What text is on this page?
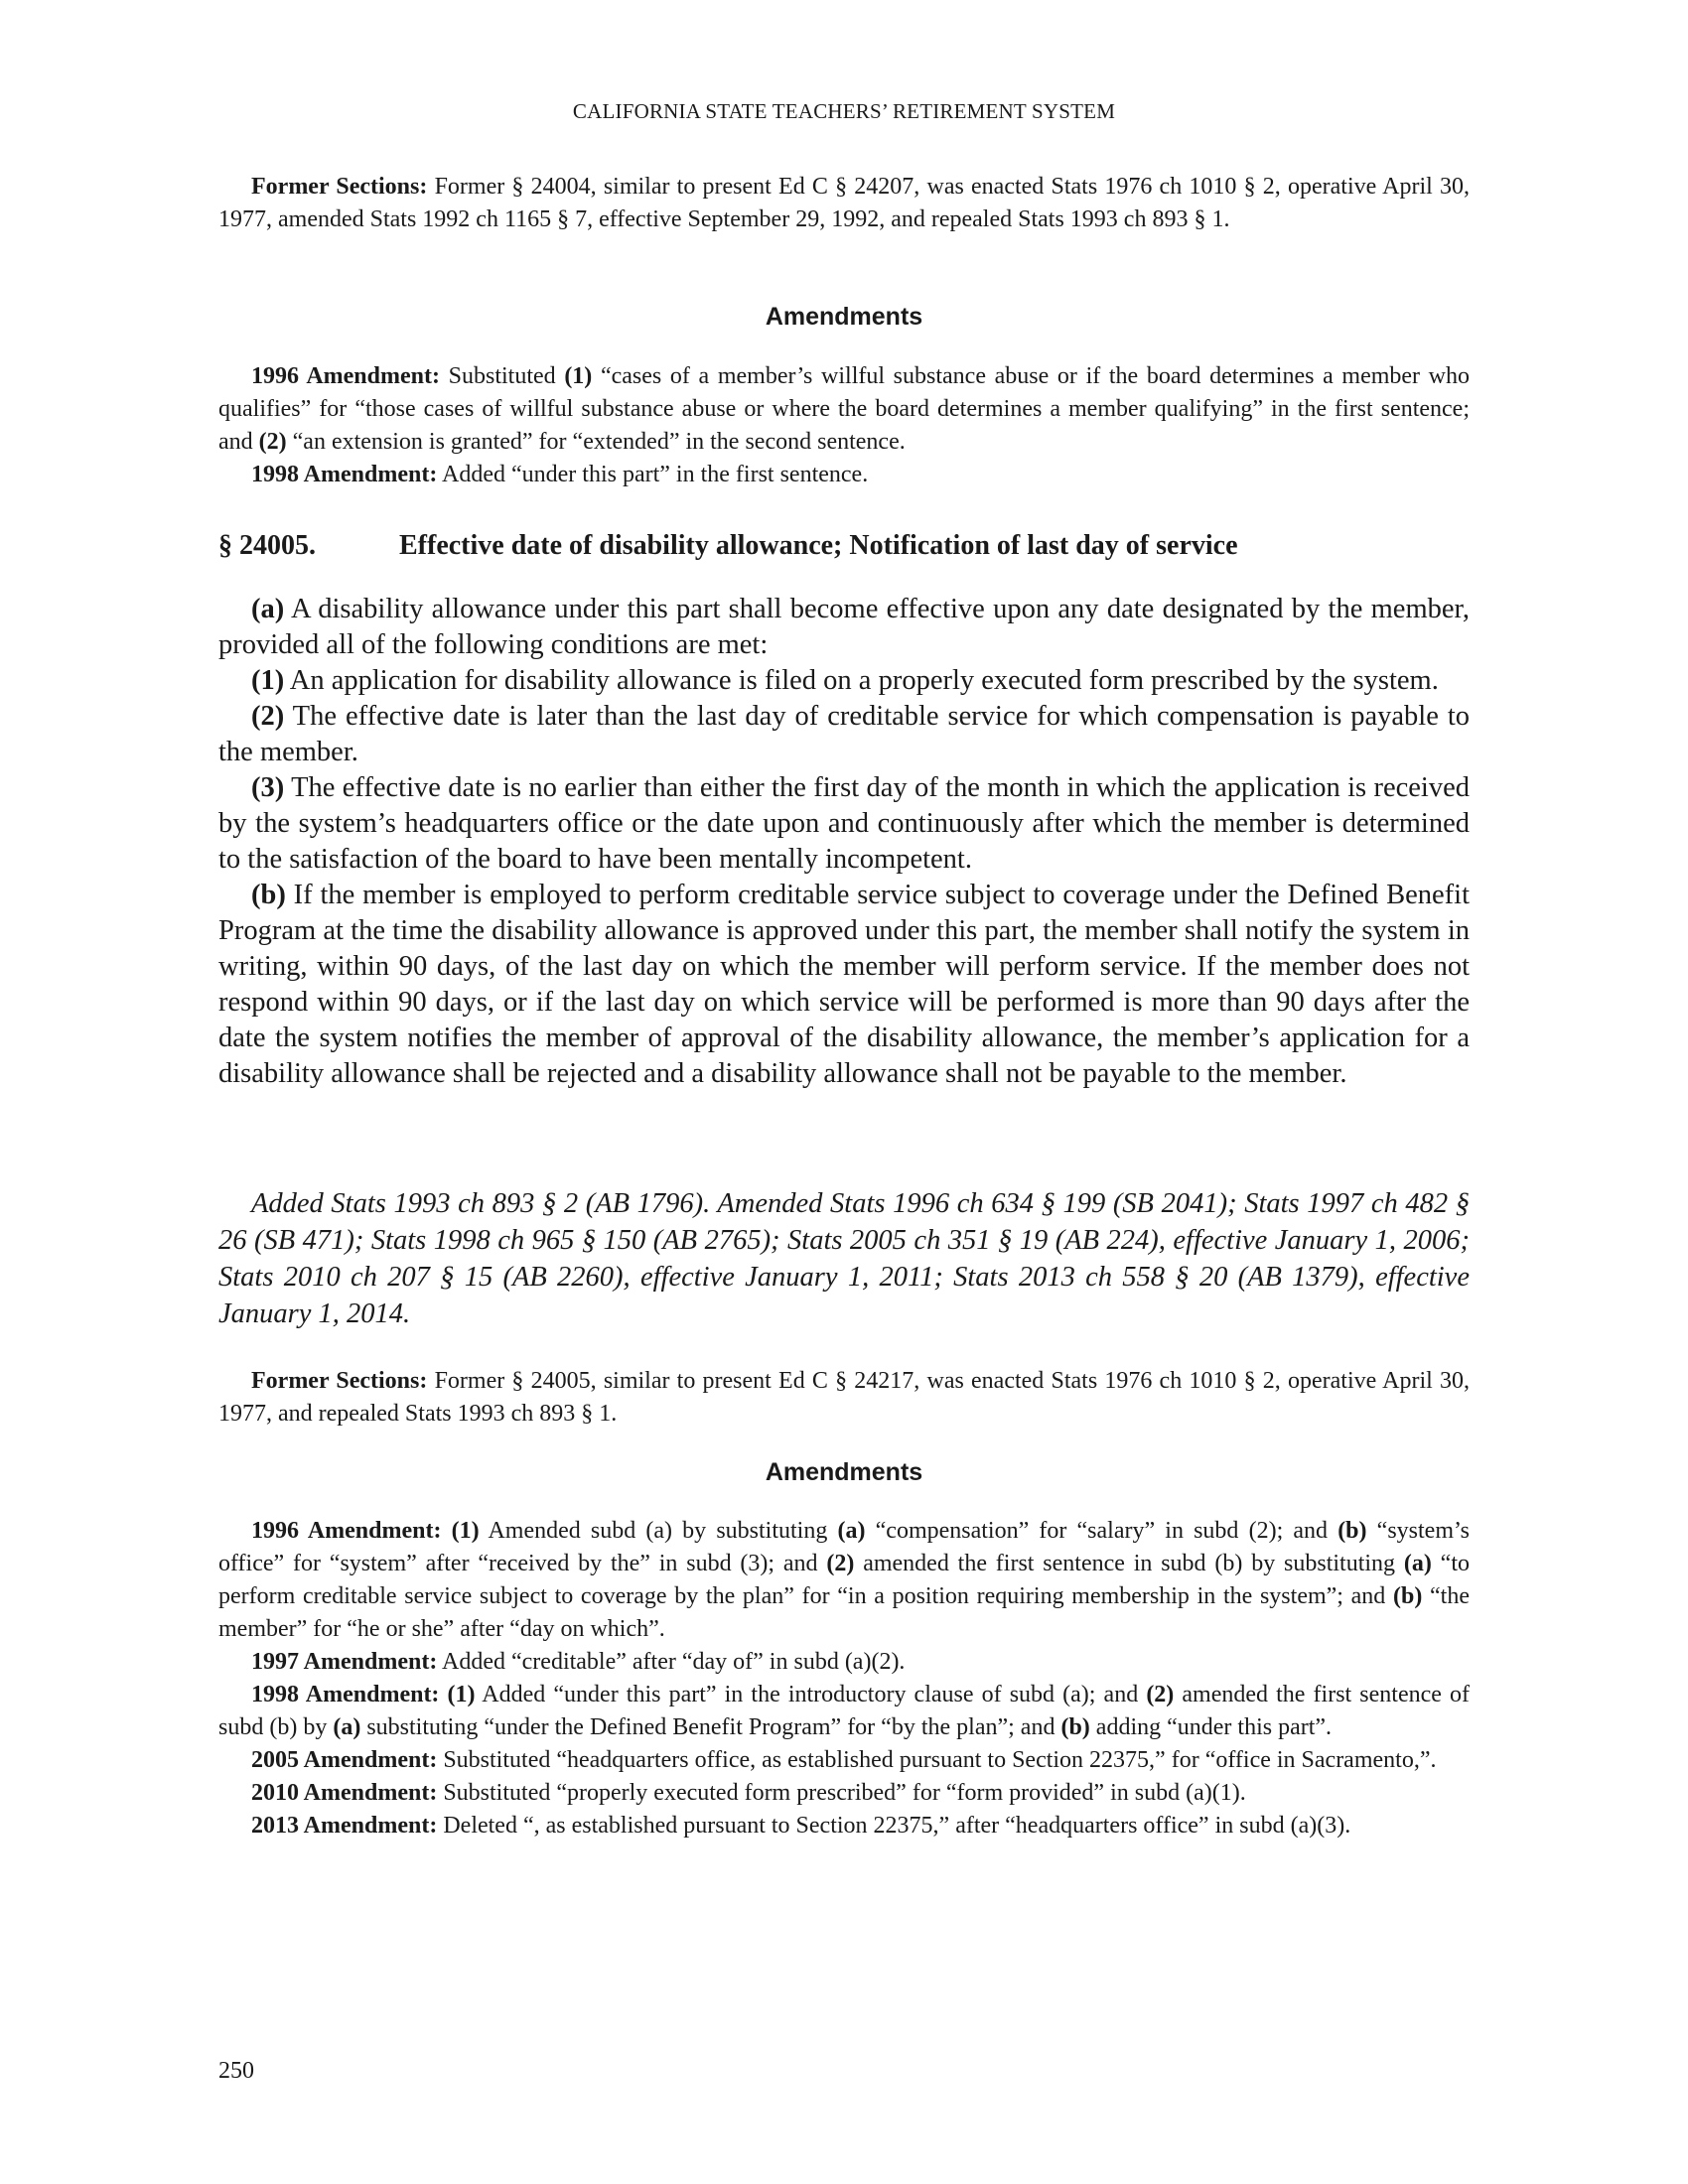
CALIFORNIA STATE TEACHERS’ RETIREMENT SYSTEM

Former Sections: Former § 24004, similar to present Ed C § 24207, was enacted Stats 1976 ch 1010 § 2, operative April 30, 1977, amended Stats 1992 ch 1165 § 7, effective September 29, 1992, and repealed Stats 1993 ch 893 § 1.

Amendments

1996 Amendment: Substituted (1) “cases of a member’s willful substance abuse or if the board determines a member who qualifies” for “those cases of willful substance abuse or where the board determines a member qualifying” in the first sentence; and (2) “an extension is granted” for “extended” in the second sentence.

1998 Amendment: Added “under this part” in the first sentence.

§ 24005.	Effective date of disability allowance; Notification of last day of service

(a) A disability allowance under this part shall become effective upon any date designated by the member, provided all of the following conditions are met:

(1) An application for disability allowance is filed on a properly executed form prescribed by the system.

(2) The effective date is later than the last day of creditable service for which compensation is payable to the member.

(3) The effective date is no earlier than either the first day of the month in which the application is received by the system’s headquarters office or the date upon and continuously after which the member is determined to the satisfaction of the board to have been mentally incompetent.

(b) If the member is employed to perform creditable service subject to coverage under the Defined Benefit Program at the time the disability allowance is approved under this part, the member shall notify the system in writing, within 90 days, of the last day on which the member will perform service. If the member does not respond within 90 days, or if the last day on which service will be performed is more than 90 days after the date the system notifies the member of approval of the disability allowance, the member’s application for a disability allowance shall be rejected and a disability allowance shall not be payable to the member.

Added Stats 1993 ch 893 § 2 (AB 1796). Amended Stats 1996 ch 634 § 199 (SB 2041); Stats 1997 ch 482 § 26 (SB 471); Stats 1998 ch 965 § 150 (AB 2765); Stats 2005 ch 351 § 19 (AB 224), effective January 1, 2006; Stats 2010 ch 207 § 15 (AB 2260), effective January 1, 2011; Stats 2013 ch 558 § 20 (AB 1379), effective January 1, 2014.

Former Sections: Former § 24005, similar to present Ed C § 24217, was enacted Stats 1976 ch 1010 § 2, operative April 30, 1977, and repealed Stats 1993 ch 893 § 1.

Amendments

1996 Amendment: (1) Amended subd (a) by substituting (a) “compensation” for “salary” in subd (2); and (b) “system’s office” for “system” after “received by the” in subd (3); and (2) amended the first sentence in subd (b) by substituting (a) “to perform creditable service subject to coverage by the plan” for “in a position requiring membership in the system”; and (b) “the member” for “he or she” after “day on which”.

1997 Amendment: Added “creditable” after “day of” in subd (a)(2).

1998 Amendment: (1) Added “under this part” in the introductory clause of subd (a); and (2) amended the first sentence of subd (b) by (a) substituting “under the Defined Benefit Program” for “by the plan”; and (b) adding “under this part”.

2005 Amendment: Substituted “headquarters office, as established pursuant to Section 22375,” for “office in Sacramento,”.

2010 Amendment: Substituted “properly executed form prescribed” for “form provided” in subd (a)(1).

2013 Amendment: Deleted “, as established pursuant to Section 22375,” after “headquarters office” in subd (a)(3).

250
